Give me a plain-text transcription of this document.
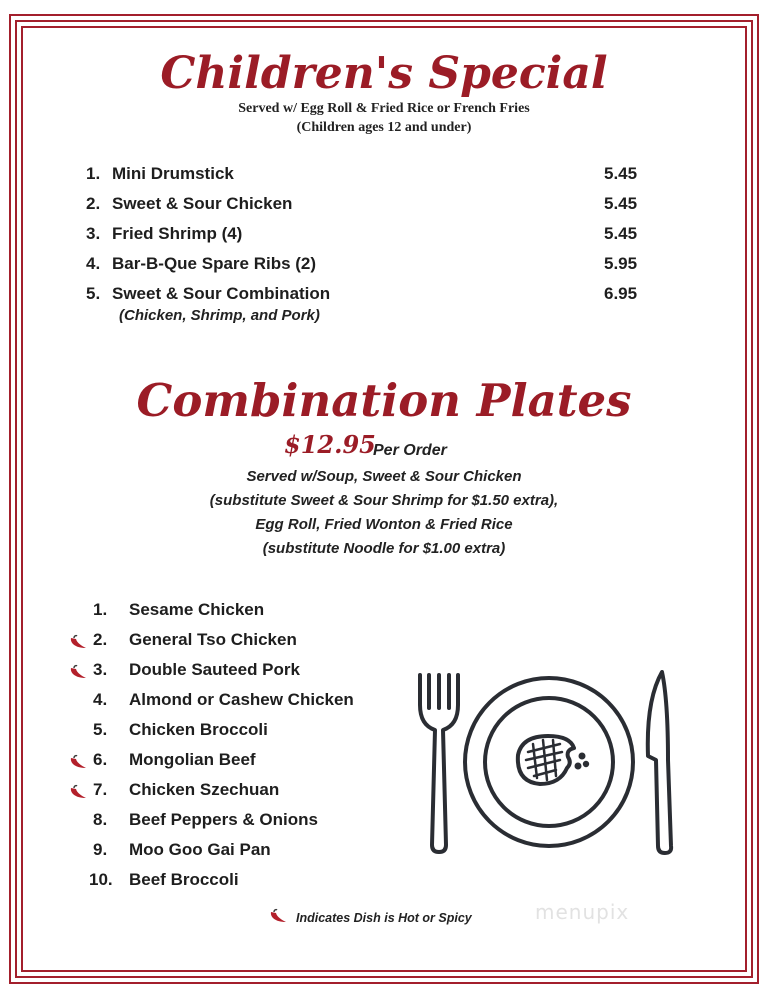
Children's Special
Served w/ Egg Roll & Fried Rice or French Fries
(Children ages 12 and under)
1. Mini Drumstick	5.45
2. Sweet & Sour Chicken	5.45
3. Fried Shrimp (4)	5.45
4. Bar-B-Que Spare Ribs (2)	5.95
5. Sweet & Sour Combination	6.95
(Chicken, Shrimp, and Pork)
Combination Plates
$12.95
Per Order
Served w/Soup, Sweet & Sour Chicken
(substitute Sweet & Sour Shrimp for $1.50 extra),
Egg Roll, Fried Wonton & Fried Rice
(substitute Noodle for $1.00 extra)
1. Sesame Chicken
2. General Tso Chicken
3. Double Sauteed Pork
4. Almond or Cashew Chicken
5. Chicken Broccoli
6. Mongolian Beef
7. Chicken Szechuan
8. Beef Peppers & Onions
9. Moo Goo Gai Pan
10. Beef Broccoli
Indicates Dish is Hot or Spicy	menupix
